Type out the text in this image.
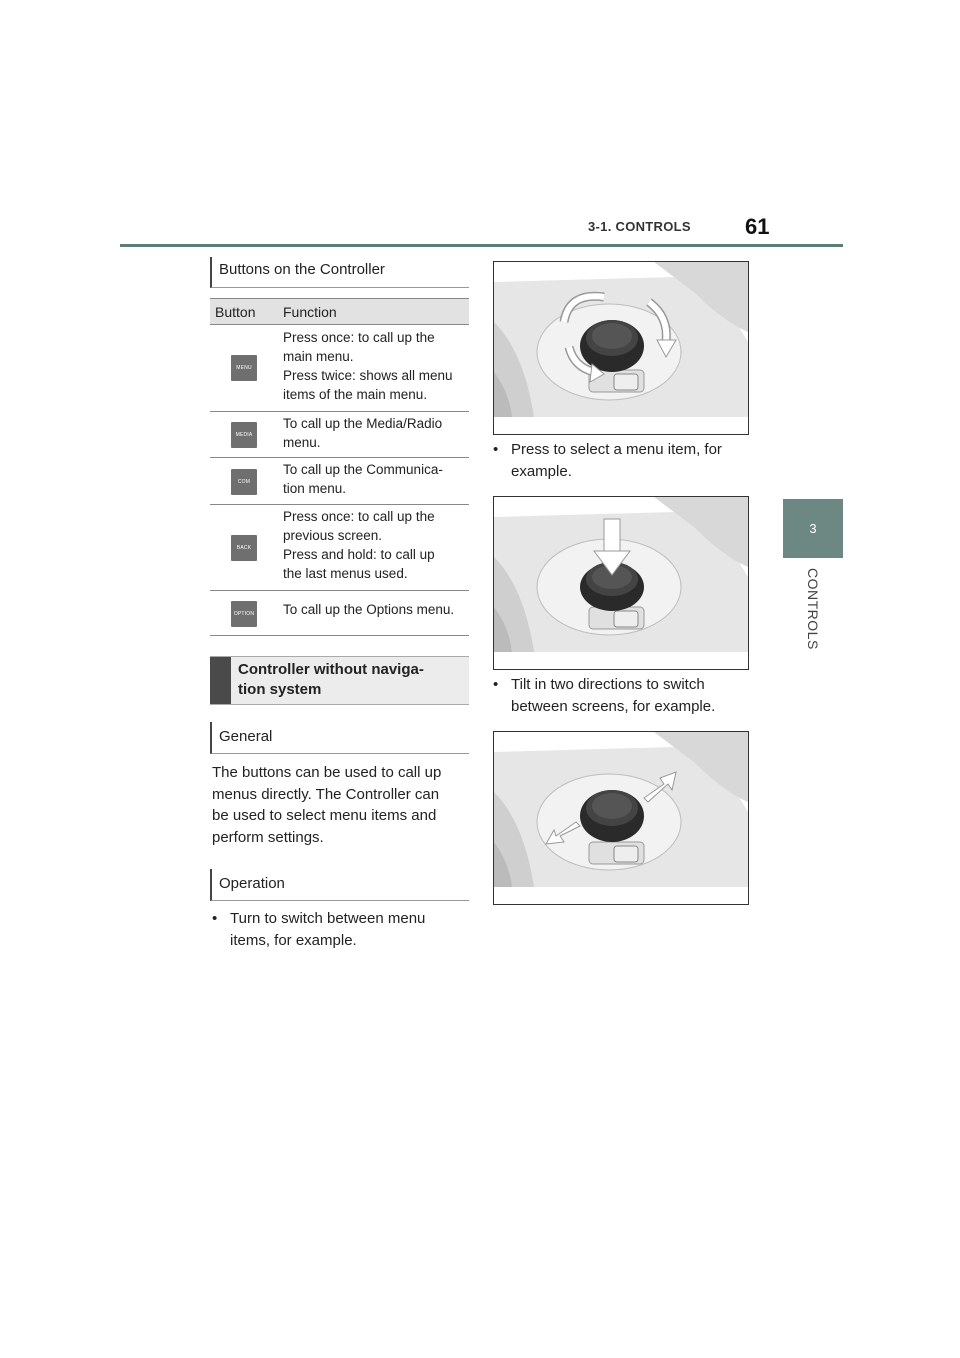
3-1. CONTROLS 61
3
CONTROLS
Buttons on the Controller
Button Function
MENU
Press once: to call up the
main menu.
Press twice: shows all menu
items of the main menu.
MEDIA
To call up the Media/Radio
menu.
COM
To call up the Communica-
tion menu.
BACK
Press once: to call up the
previous screen.
Press and hold: to call up
the last menus used.
OPTION To call up the Options menu.
Controller without naviga-
tion system
General
The buttons can be used to call up
menus directly. The Controller can
be used to select menu items and
perform settings.
Operation
• Turn to switch between menu
items, for example.
• Press to select a menu item, for
example.
• Tilt in two directions to switch
between screens, for example.
